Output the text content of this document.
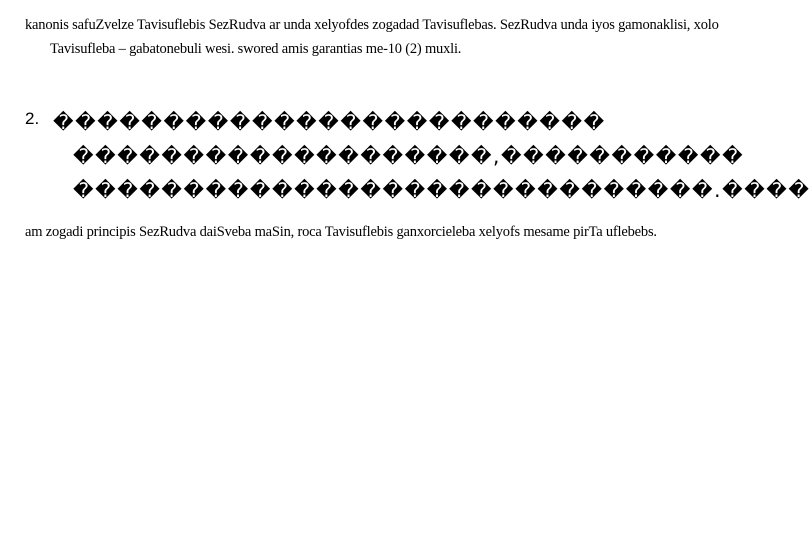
kanonis safuZvelze Tavisuflebis SezRudva ar unda xelyofdes zogadad Tavisuflebas. SezRudva unda iyos gamonaklisi, xolo Tavisufleba – gabatonebuli wesi. swored amis garantias me-10 (2) muxli.

2. �������������������������
�������������������,�����������
�����������������������������.����

am zogadi principis SezRudva daiSveba maSin, roca Tavisuflebis ganxorcieleba xelyofs mesame pirTa uflebebs.
